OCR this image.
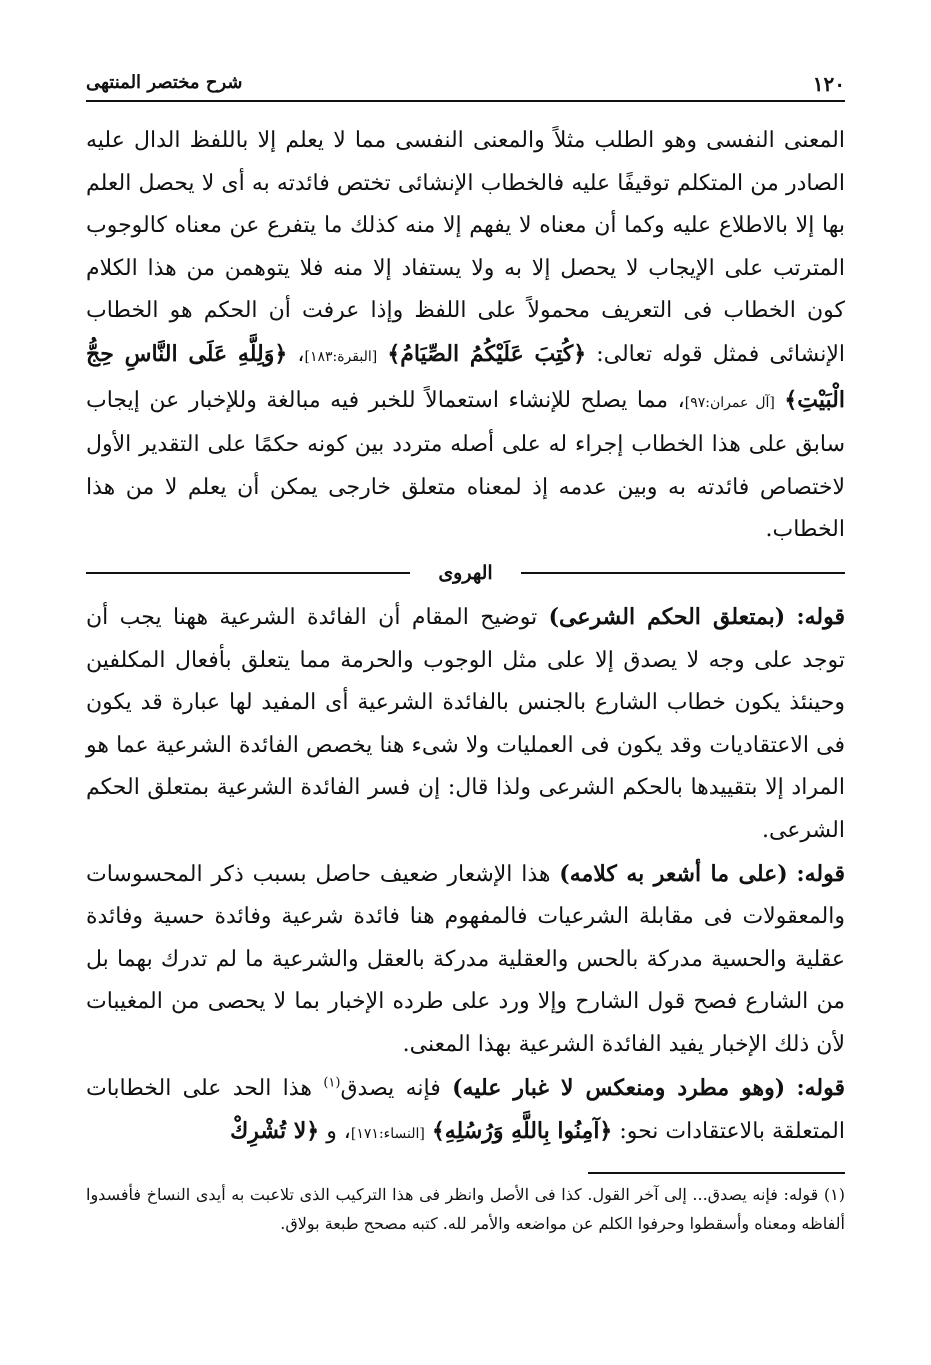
١٢٠
شرح مختصر المنتهى

المعنى النفسى وهو الطلب مثلاً والمعنى النفسى مما لا يعلم إلا باللفظ الدال عليه الصادر من المتكلم توقيفًا عليه فالخطاب الإنشائى تختص فائدته به أى لا يحصل العلم بها إلا بالاطلاع عليه وكما أن معناه لا يفهم إلا منه كذلك ما يتفرع عن معناه كالوجوب المترتب على الإيجاب لا يحصل إلا به ولا يستفاد إلا منه فلا يتوهمن من هذا الكلام كون الخطاب فى التعريف محمولاً على اللفظ وإذا عرفت أن الحكم هو الخطاب الإنشائى فمثل قوله تعالى: ﴿كُتِبَ عَلَيْكُمُ الصِّيَامُ﴾ [البقرة:١٨٣]، ﴿وَلِلَّهِ عَلَى النَّاسِ حِجُّ الْبَيْتِ﴾ [آل عمران:٩٧]، مما يصلح للإنشاء استعمالاً للخبر فيه مبالغة وللإخبار عن إيجاب سابق على هذا الخطاب إجراء له على أصله متردد بين كونه حكمًا على التقدير الأول لاختصاص فائدته به وبين عدمه إذ لمعناه متعلق خارجى يمكن أن يعلم لا من هذا الخطاب.

الهروى

قوله: (بمتعلق الحكم الشرعى) توضيح المقام أن الفائدة الشرعية ههنا يجب أن توجد على وجه لا يصدق إلا على مثل الوجوب والحرمة مما يتعلق بأفعال المكلفين وحينئذ يكون خطاب الشارع بالجنس بالفائدة الشرعية أى المفيد لها عبارة قد يكون فى الاعتقاديات وقد يكون فى العمليات ولا شىء هنا يخصص الفائدة الشرعية عما هو المراد إلا بتقييدها بالحكم الشرعى ولذا قال: إن فسر الفائدة الشرعية بمتعلق الحكم الشرعى.

قوله: (على ما أشعر به كلامه) هذا الإشعار ضعيف حاصل بسبب ذكر المحسوسات والمعقولات فى مقابلة الشرعيات فالمفهوم هنا فائدة شرعية وفائدة حسية وفائدة عقلية والحسية مدركة بالحس والعقلية مدركة بالعقل والشرعية ما لم تدرك بهما بل من الشارع فصح قول الشارح وإلا ورد على طرده الإخبار بما لا يحصى من المغيبات لأن ذلك الإخبار يفيد الفائدة الشرعية بهذا المعنى.

قوله: (وهو مطرد ومنعكس لا غبار عليه) فإنه يصدق$^{(١)}$ هذا الحد على الخطابات المتعلقة بالاعتقادات نحو: ﴿آمِنُوا بِاللَّهِ وَرُسُلِهِ﴾ [النساء:١٧١]، و ﴿لا تُشْرِكْ

(١) قوله: فإنه يصدق... إلى آخر القول. كذا فى الأصل وانظر فى هذا التركيب الذى تلاعبت به أيدى النساخ فأفسدوا ألفاظه ومعناه وأسقطوا وحرفوا الكلم عن مواضعه والأمر لله. كتبه مصحح طبعة بولاق.
